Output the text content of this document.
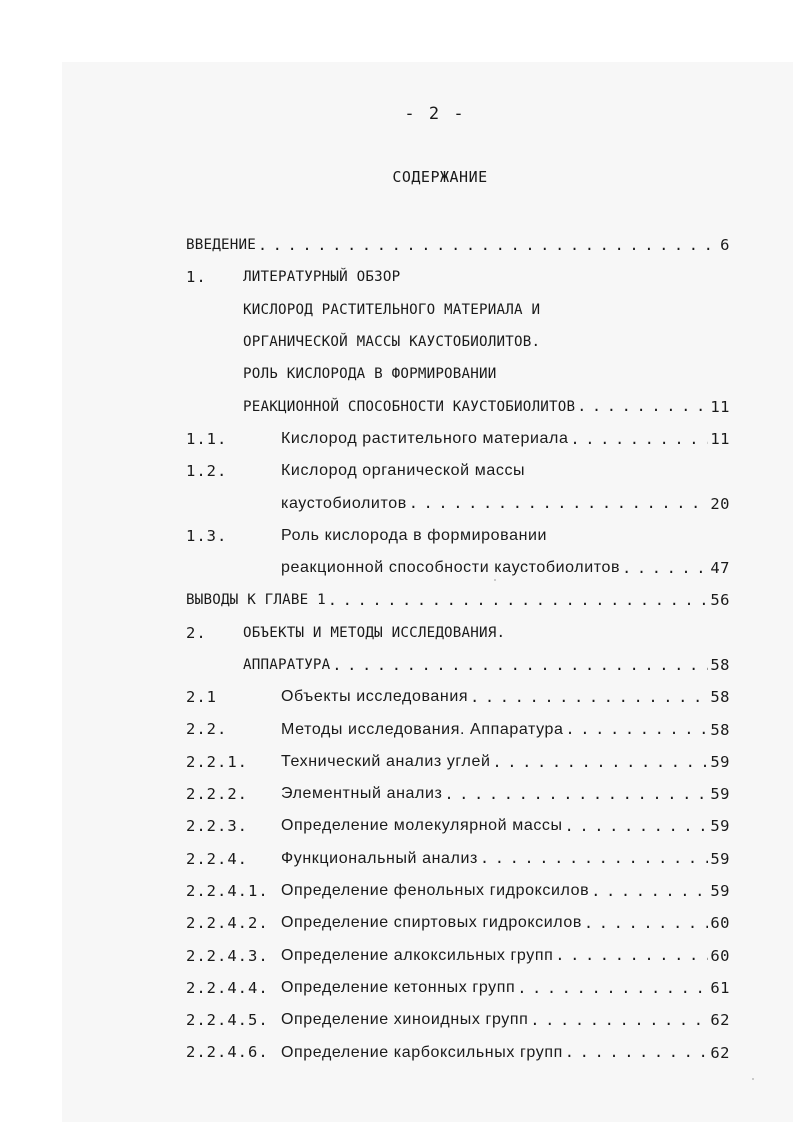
- 2 -
СОДЕРЖАНИЕ
ВВЕДЕНИЕ . . .	6
1.	ЛИТЕРАТУРНЫЙ ОБЗОР
КИСЛОРОД РАСТИТЕЛЬНОГО МАТЕРИАЛА И
ОРГАНИЧЕСКОЙ МАССЫ КАУСТОБИОЛИТОВ.
РОЛЬ КИСЛОРОДА В ФОРМИРОВАНИИ
РЕАКЦИОННОЙ СПОСОБНОСТИ КАУСТОБИОЛИТОВ . . .	11
1.1.	Кислород растительного материала . . .	11
1.2.	Кислород органической массы
каустобиолитов . . .	20
1.3.	Роль кислорода в формировании
реакционной способности каустобиолитов . . .	47
ВЫВОДЫ К ГЛАВЕ 1 . . .	56
2.	ОБЪЕКТЫ И МЕТОДЫ ИССЛЕДОВАНИЯ.
АППАРАТУРА . . .	58
2.1	Объекты исследования . . .	58
2.2.	Методы исследования. Аппаратура . . .	58
2.2.1. Технический анализ углей . . .	59
2.2.2. Элементный анализ . . .	59
2.2.3. Определение молекулярной массы . . .	59
2.2.4. Функциональный анализ . . .	59
2.2.4.1. Определение фенольных гидроксилов . . .	59
2.2.4.2. Определение спиртовых гидроксилов . . .	60
2.2.4.3. Определение алкоксильных групп . . .	60
2.2.4.4. Определение кетонных групп . . .	61
2.2.4.5. Определение хиноидных групп . . .	62
2.2.4.6. Определение карбоксильных групп . . .	62
